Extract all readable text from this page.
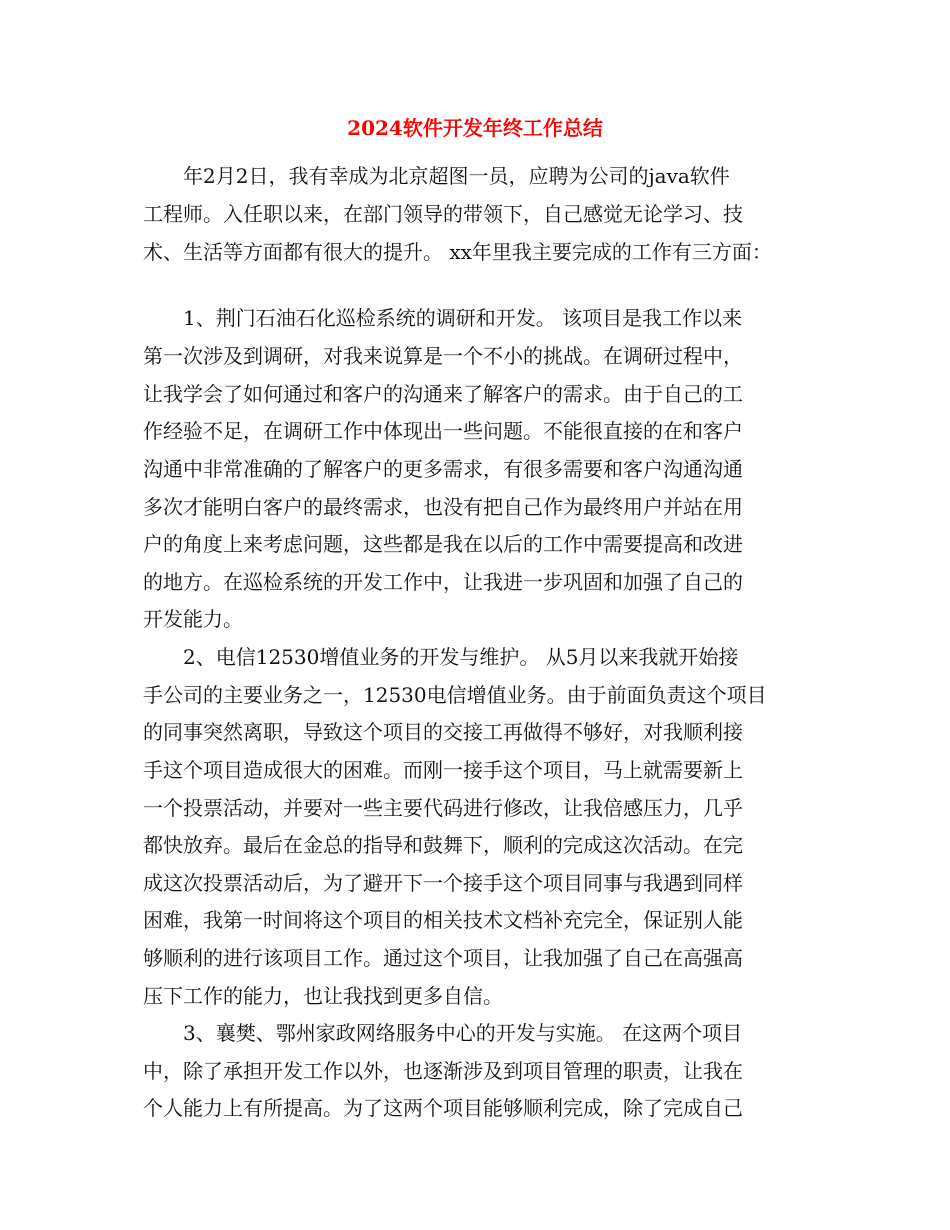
2024软件开发年终工作总结

　　年2月2日，我有幸成为北京超图一员，应聘为公司的java软件

工程师。入任职以来，在部门领导的带领下，自己感觉无论学习、技

术、生活等方面都有很大的提升。 xx年里我主要完成的工作有三方面：

　　1、荆门石油石化巡检系统的调研和开发。 该项目是我工作以来

第一次涉及到调研，对我来说算是一个不小的挑战。在调研过程中，

让我学会了如何通过和客户的沟通来了解客户的需求。由于自己的工

作经验不足，在调研工作中体现出一些问题。不能很直接的在和客户

沟通中非常准确的了解客户的更多需求，有很多需要和客户沟通沟通

多次才能明白客户的最终需求，也没有把自己作为最终用户并站在用

户的角度上来考虑问题，这些都是我在以后的工作中需要提高和改进

的地方。在巡检系统的开发工作中，让我进一步巩固和加强了自己的

开发能力。

　　2、电信12530增值业务的开发与维护。 从5月以来我就开始接

手公司的主要业务之一，12530电信增值业务。由于前面负责这个项目

的同事突然离职，导致这个项目的交接工再做得不够好，对我顺利接

手这个项目造成很大的困难。而刚一接手这个项目，马上就需要新上

一个投票活动，并要对一些主要代码进行修改，让我倍感压力，几乎

都快放弃。最后在金总的指导和鼓舞下，顺利的完成这次活动。在完

成这次投票活动后，为了避开下一个接手这个项目同事与我遇到同样

困难，我第一时间将这个项目的相关技术文档补充完全，保证别人能

够顺利的进行该项目工作。通过这个项目，让我加强了自己在高强高

压下工作的能力，也让我找到更多自信。

　　3、襄樊、鄂州家政网络服务中心的开发与实施。 在这两个项目

中，除了承担开发工作以外，也逐渐涉及到项目管理的职责，让我在

个人能力上有所提高。为了这两个项目能够顺利完成，除了完成自己
